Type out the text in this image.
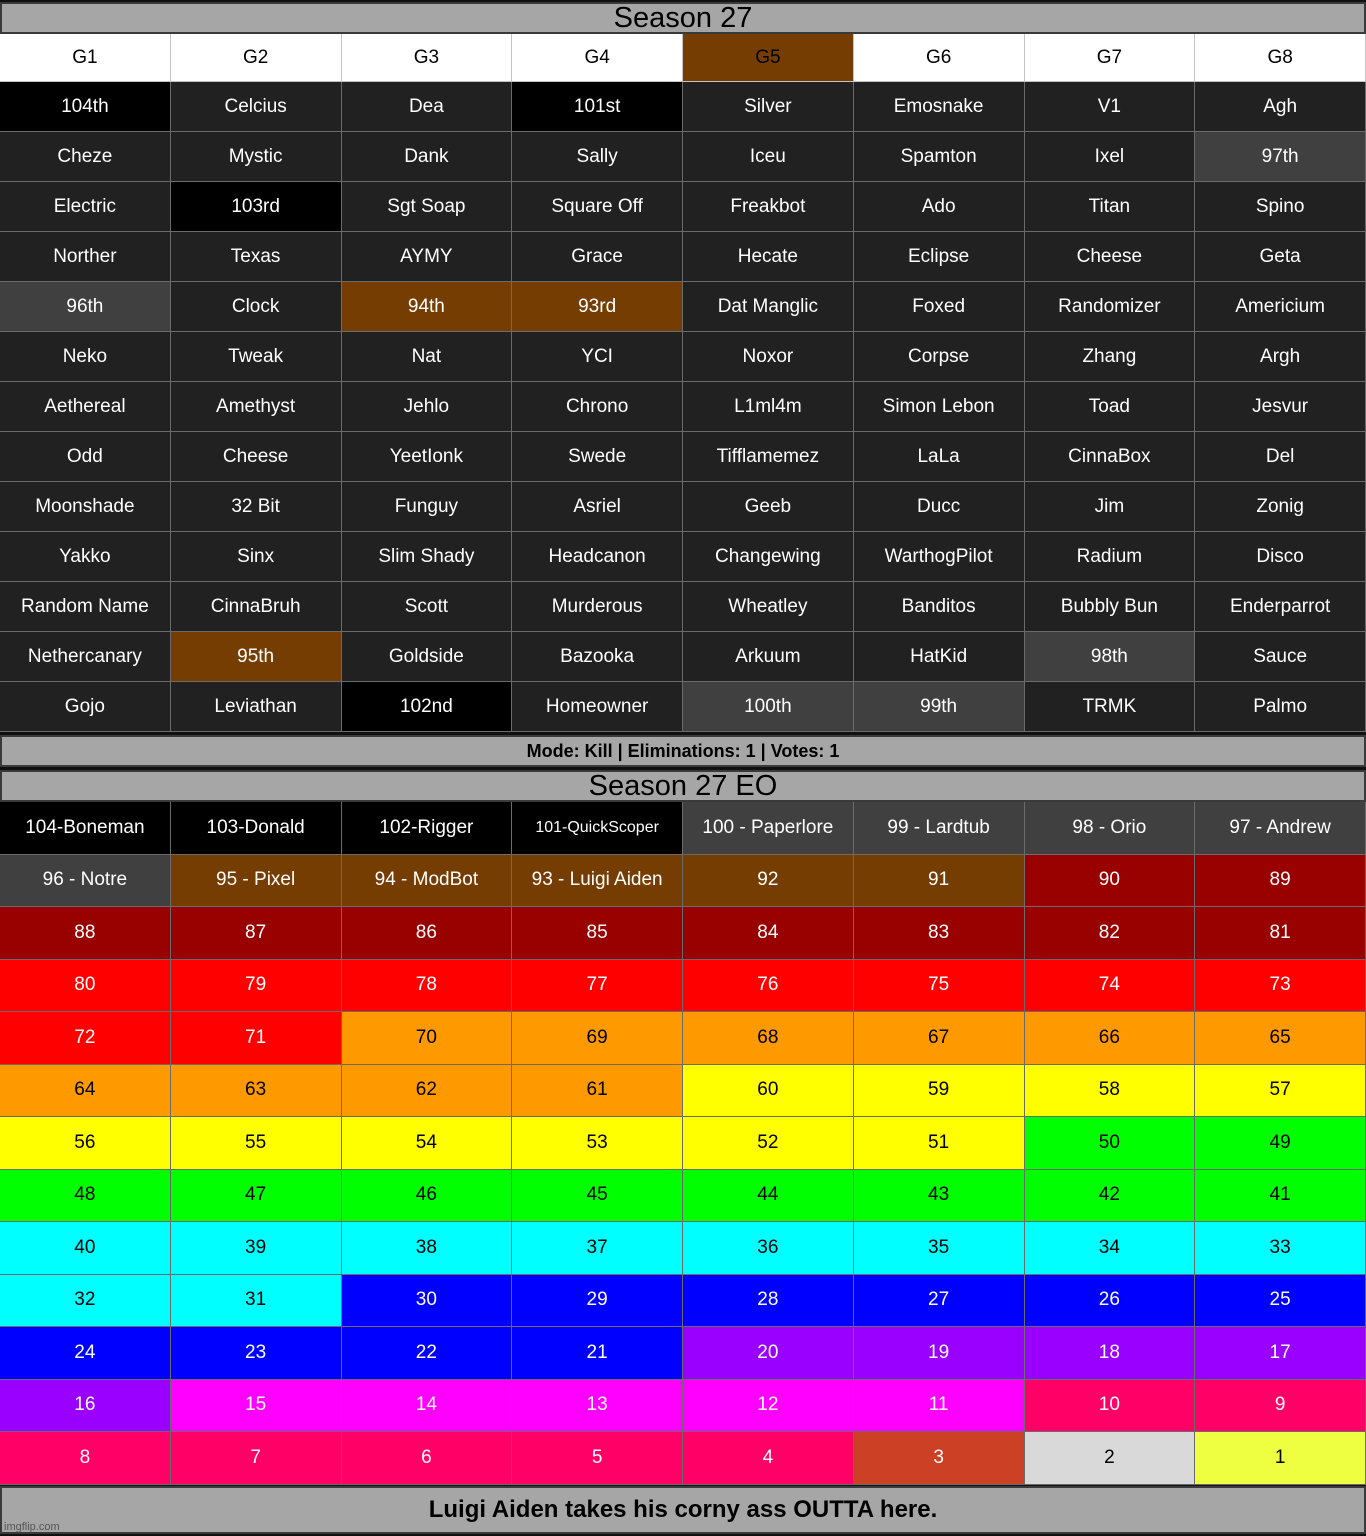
Season 27
G1	G2	G3	G4	G5	G6	G7	G8
104th	Celcius	Dea	101st	Silver	Emosnake	V1	Agh
Cheze	Mystic	Dank	Sally	Iceu	Spamton	Ixel	97th
Electric	103rd	Sgt Soap	Square Off	Freakbot	Ado	Titan	Spino
Norther	Texas	AYMY	Grace	Hecate	Eclipse	Cheese	Geta
96th	Clock	94th	93rd	Dat Manglic	Foxed	Randomizer	Americium
Neko	Tweak	Nat	YCI	Noxor	Corpse	Zhang	Argh
Aethereal	Amethyst	Jehlo	Chrono	L1ml4m	Simon Lebon	Toad	Jesvur
Odd	Cheese	YeetIonk	Swede	Tifflamemez	LaLa	CinnaBox	Del
Moonshade	32 Bit	Funguy	Asriel	Geeb	Ducc	Jim	Zonig
Yakko	Sinx	Slim Shady	Headcanon	Changewing	WarthogPilot	Radium	Disco
Random Name	CinnaBruh	Scott	Murderous	Wheatley	Banditos	Bubbly Bun	Enderparrot
Nethercanary	95th	Goldside	Bazooka	Arkuum	HatKid	98th	Sauce
Gojo	Leviathan	102nd	Homeowner	100th	99th	TRMK	Palmo
Mode: Kill | Eliminations: 1 | Votes: 1
Season 27 EO
104-Boneman	103-Donald	102-Rigger	101-QuickScoper	100 - Paperlore	99 - Lardtub	98 - Orio	97 - Andrew
96 - Notre	95 - Pixel	94 - ModBot	93 - Luigi Aiden	92	91	90	89
88	87	86	85	84	83	82	81
80	79	78	77	76	75	74	73
72	71	70	69	68	67	66	65
64	63	62	61	60	59	58	57
56	55	54	53	52	51	50	49
48	47	46	45	44	43	42	41
40	39	38	37	36	35	34	33
32	31	30	29	28	27	26	25
24	23	22	21	20	19	18	17
16	15	14	13	12	11	10	9
8	7	6	5	4	3	2	1
Luigi Aiden takes his corny ass OUTTA here.
imgflip.com
